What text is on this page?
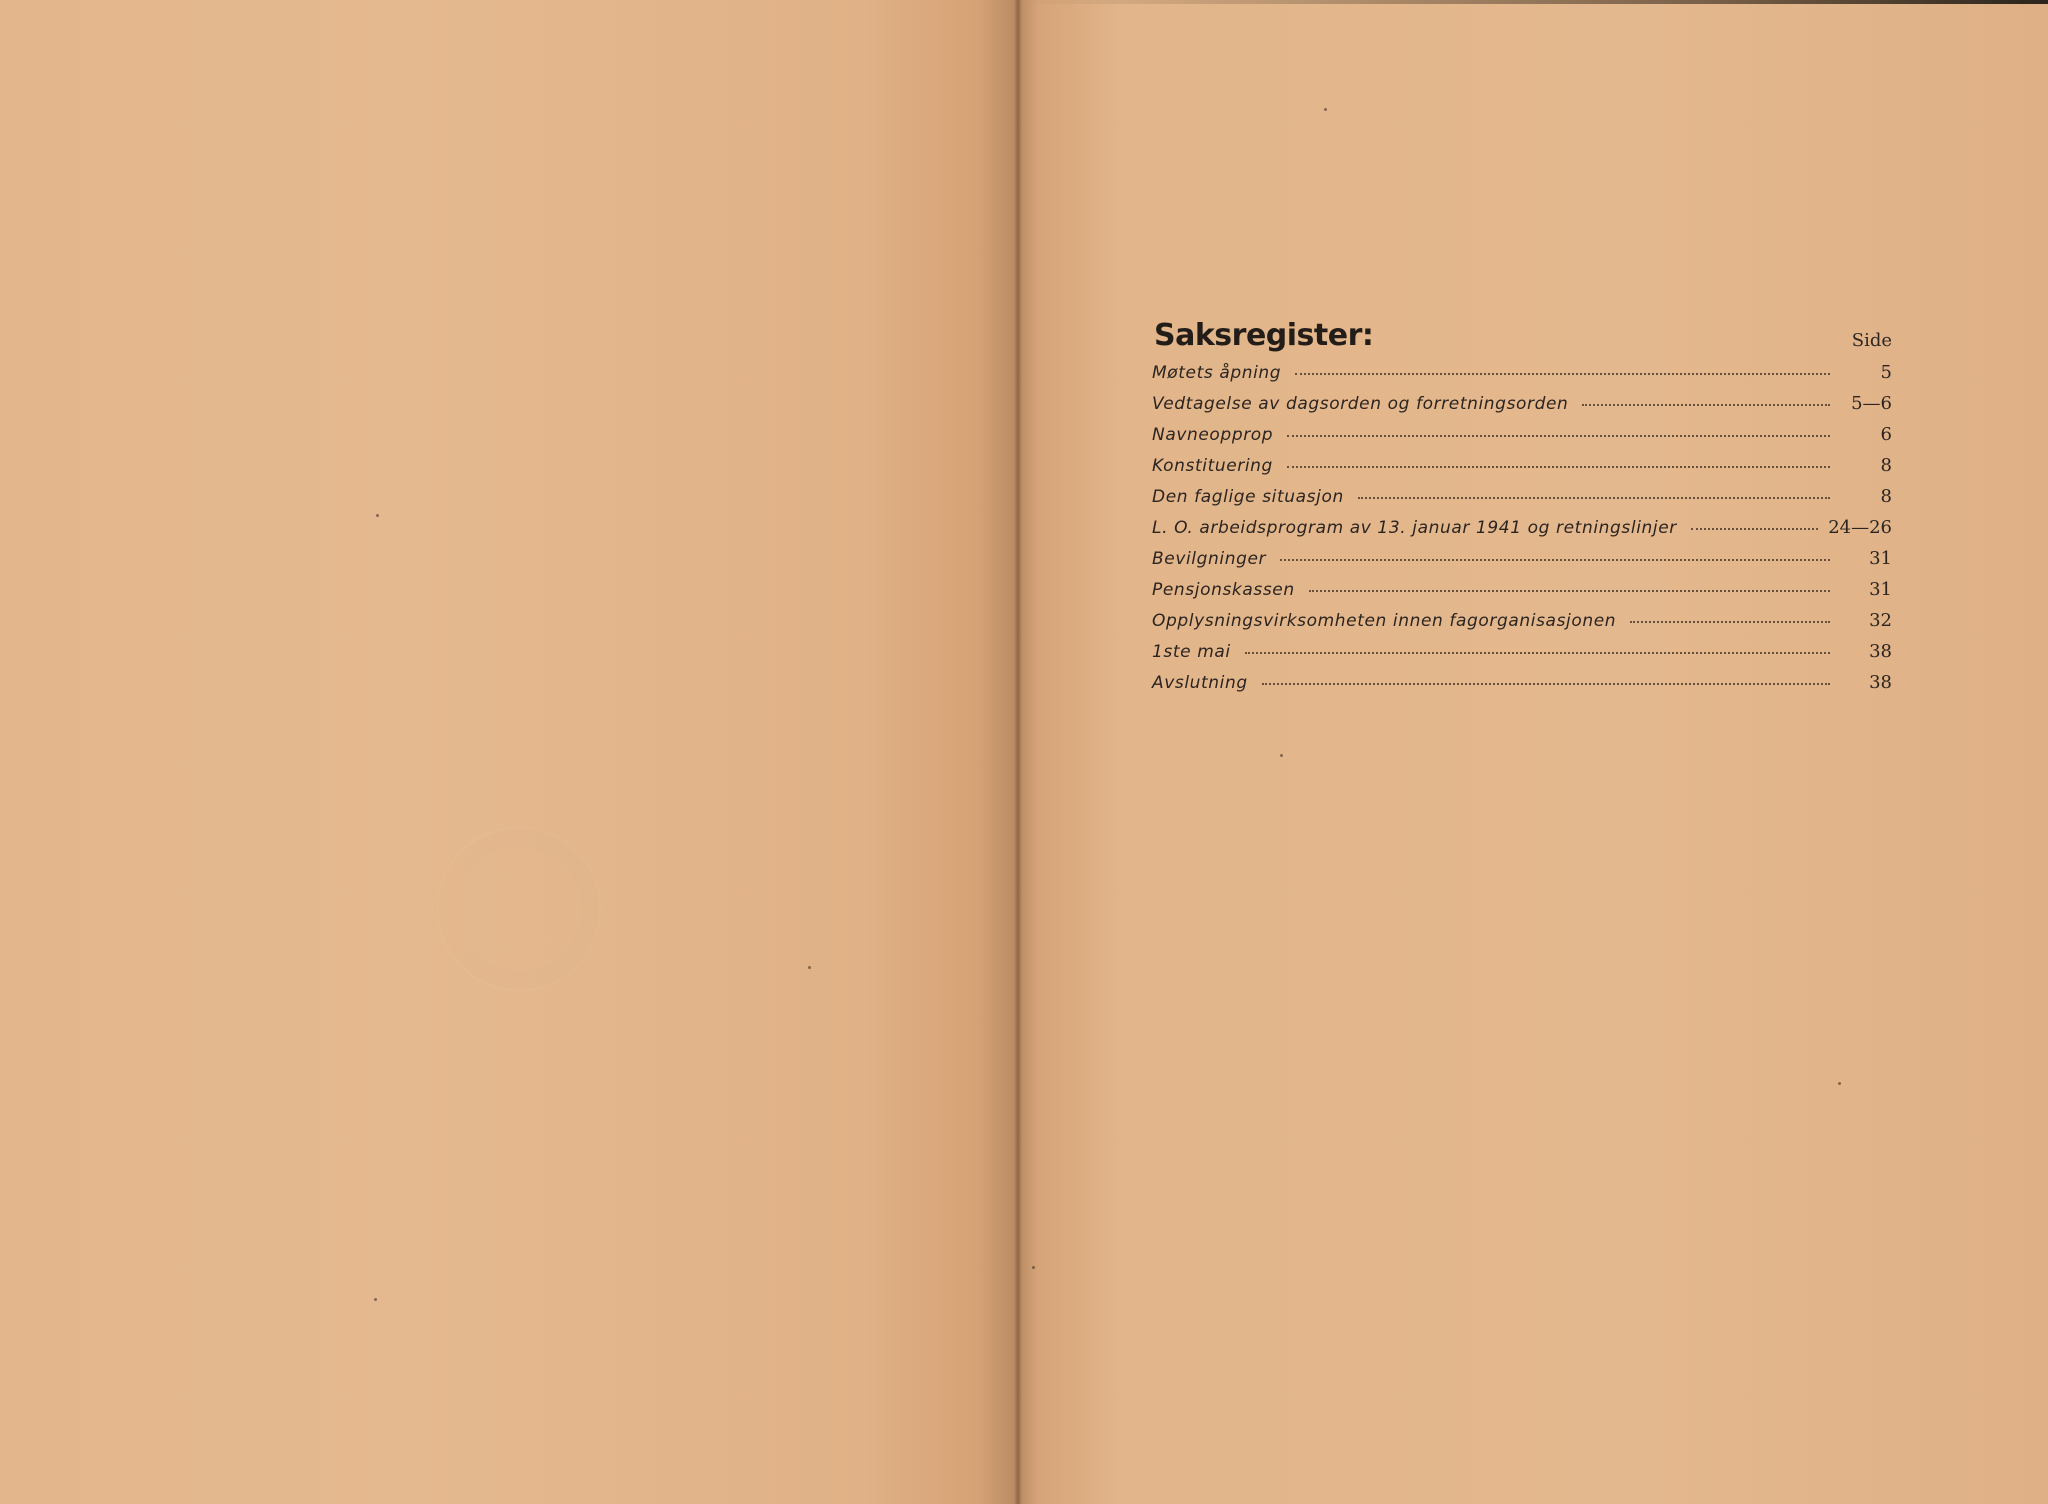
Saksregister:	Side
Møtets åpning	5
Vedtagelse av dagsorden og forretningsorden	5—6
Navneopprop	6
Konstituering	8
Den faglige situasjon	8
L. O. arbeidsprogram av 13. januar 1941 og retningslinjer	24—26
Bevilgninger	31
Pensjonskassen	31
Opplysningsvirksomheten innen fagorganisasjonen	32
1ste mai	38
Avslutning	38
